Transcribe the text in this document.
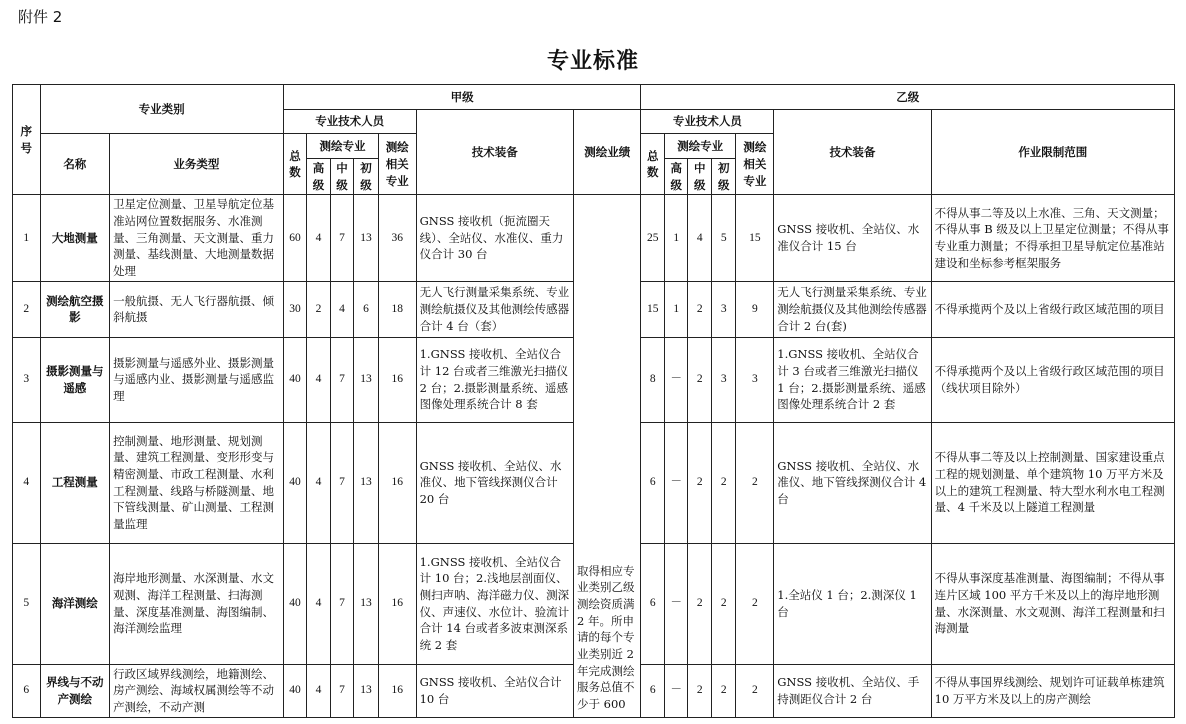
附件 2
专业标准
序号	专业类别		甲级							乙级						
			专业技术人员					技术装备	测绘业绩	专业技术人员					技术装备	作业限制范围
	名称	业务类型	总数	测绘专业			测绘相关专业			总数	测绘专业			测绘相关专业		
				高级	中级	初级					高级	中级	初级			
1	大地测量	卫星定位测量、卫星导航定位基准站网位置数据服务、水准测量、三角测量、天文测量、重力测量、基线测量、大地测量数据处理	60	4	7	13	36	GNSS 接收机（扼流圈天线）、全站仪、水准仪、重力仪合计 30 台	取得相应专业类别乙级测绘资质满 2 年。所申请的每个专业类别近 2 年完成测绘服务总值不少于 600	25	1	4	5	15	GNSS 接收机、全站仪、水准仪合计 15 台	不得从事二等及以上水准、三角、天文测量；不得从事 B 级及以上卫星定位测量；不得从事专业重力测量；不得承担卫星导航定位基准站建设和坐标参考框架服务
2	测绘航空摄影	一般航摄、无人飞行器航摄、倾斜航摄	30	2	4	6	18	无人飞行测量采集系统、专业测绘航摄仪及其他测绘传感器合计 4 台（套）		15	1	2	3	9	无人飞行测量采集系统、专业测绘航摄仪及其他测绘传感器合计 2 台(套)	不得承揽两个及以上省级行政区域范围的项目
3	摄影测量与遥感	摄影测量与遥感外业、摄影测量与遥感内业、摄影测量与遥感监理	40	4	7	13	16	1.GNSS 接收机、全站仪合计 12 台或者三维激光扫描仪 2 台；2.摄影测量系统、遥感图像处理系统合计 8 套		8	－	2	3	3	1.GNSS 接收机、全站仪合计 3 台或者三维激光扫描仪 1 台；2.摄影测量系统、遥感图像处理系统合计 2 套	不得承揽两个及以上省级行政区域范围的项目（线状项目除外）
4	工程测量	控制测量、地形测量、规划测量、建筑工程测量、变形形变与精密测量、市政工程测量、水利工程测量、线路与桥隧测量、地下管线测量、矿山测量、工程测量监理	40	4	7	13	16	GNSS 接收机、全站仪、水准仪、地下管线探测仪合计 20 台		6	－	2	2	2	GNSS 接收机、全站仪、水准仪、地下管线探测仪合计 4 台	不得从事二等及以上控制测量、国家建设重点工程的规划测量、单个建筑物 10 万平方米及以上的建筑工程测量、特大型水利水电工程测量、4 千米及以上隧道工程测量
5	海洋测绘	海岸地形测量、水深测量、水文观测、海洋工程测量、扫海测量、深度基准测量、海图编制、海洋测绘监理	40	4	7	13	16	1.GNSS 接收机、全站仪合计 10 台；2.浅地层剖面仪、侧扫声呐、海洋磁力仪、测深仪、声速仪、水位计、验流计合计 14 台或者多波束测深系统 2 套		6	－	2	2	2	1.全站仪 1 台；2.测深仪 1 台	不得从事深度基准测量、海图编制；不得从事连片区域 100 平方千米及以上的海岸地形测量、水深测量、水文观测、海洋工程测量和扫海测量
6	界线与不动产测绘	行政区域界线测绘，地籍测绘、房产测绘、海域权属测绘等不动产测绘，不动产测	40	4	7	13	16	GNSS 接收机、全站仪合计 10 台		6	－	2	2	2	GNSS 接收机、全站仪、手持测距仪合计 2 台	不得从事国界线测绘、规划许可证载单栋建筑 10 万平方米及以上的房产测绘
